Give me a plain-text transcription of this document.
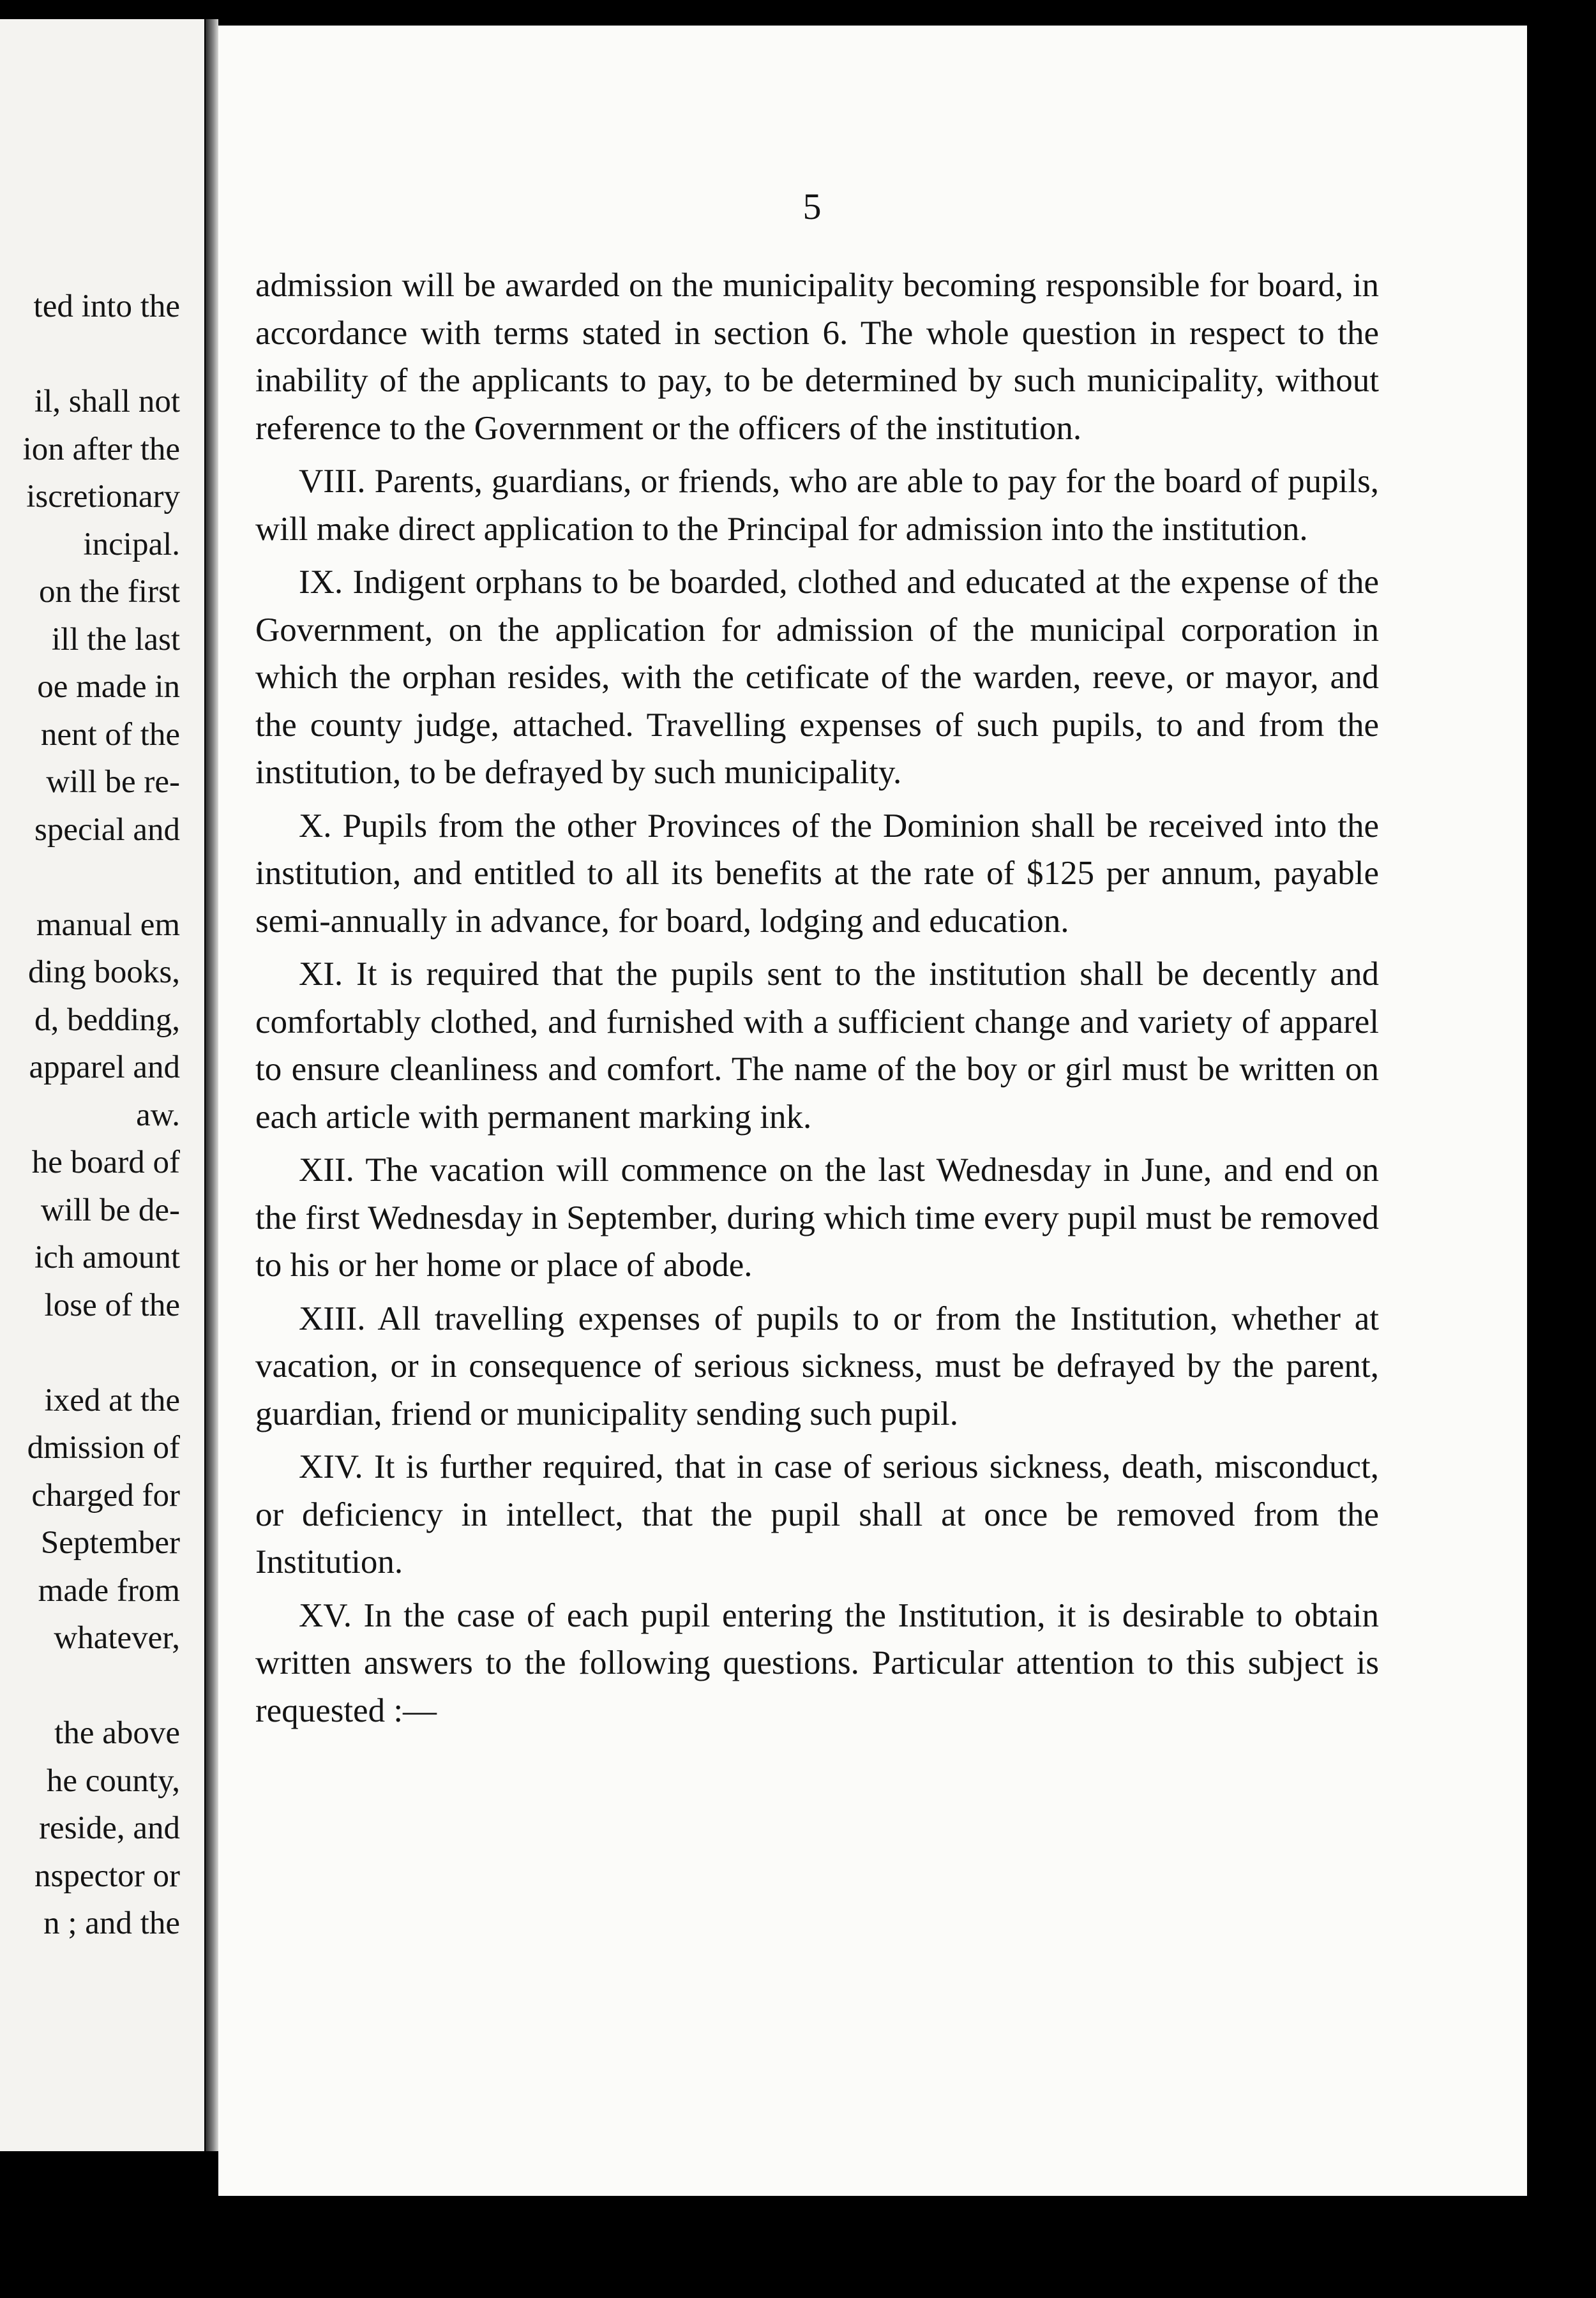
ted into the
il, shall not
ion after the
iscretionary
incipal.
on the first
ill the last
oe made in
nent of the
will be re-
special and
manual em
ding books,
d, bedding,
apparel and
aw.
he board of
will be de-
ich amount
lose of the
ixed at the
dmission of
charged for
September
made from
whatever,
the above
he county,
reside, and
nspector or
n ; and the
5

admission will be awarded on the municipality becoming responsible for board, in accordance with terms stated in section 6. The whole question in respect to the inability of the applicants to pay, to be determined by such municipality, without reference to the Government or the officers of the institution.

VIII. Parents, guardians, or friends, who are able to pay for the board of pupils, will make direct application to the Principal for admission into the institution.

IX. Indigent orphans to be boarded, clothed and educated at the expense of the Government, on the application for admission of the municipal corporation in which the orphan resides, with the cetificate of the warden, reeve, or mayor, and the county judge, attached. Travelling expenses of such pupils, to and from the institution, to be defrayed by such municipality.

X. Pupils from the other Provinces of the Dominion shall be received into the institution, and entitled to all its benefits at the rate of $125 per annum, payable semi-annually in advance, for board, lodging and education.

XI. It is required that the pupils sent to the institution shall be decently and comfortably clothed, and furnished with a sufficient change and variety of apparel to ensure cleanliness and comfort. The name of the boy or girl must be written on each article with permanent marking ink.

XII. The vacation will commence on the last Wednesday in June, and end on the first Wednesday in September, during which time every pupil must be removed to his or her home or place of abode.

XIII. All travelling expenses of pupils to or from the Institution, whether at vacation, or in consequence of serious sickness, must be defrayed by the parent, guardian, friend or municipality sending such pupil.

XIV. It is further required, that in case of serious sickness, death, misconduct, or deficiency in intellect, that the pupil shall at once be removed from the Institution.

XV. In the case of each pupil entering the Institution, it is desirable to obtain written answers to the following questions. Particular attention to this subject is requested :—
